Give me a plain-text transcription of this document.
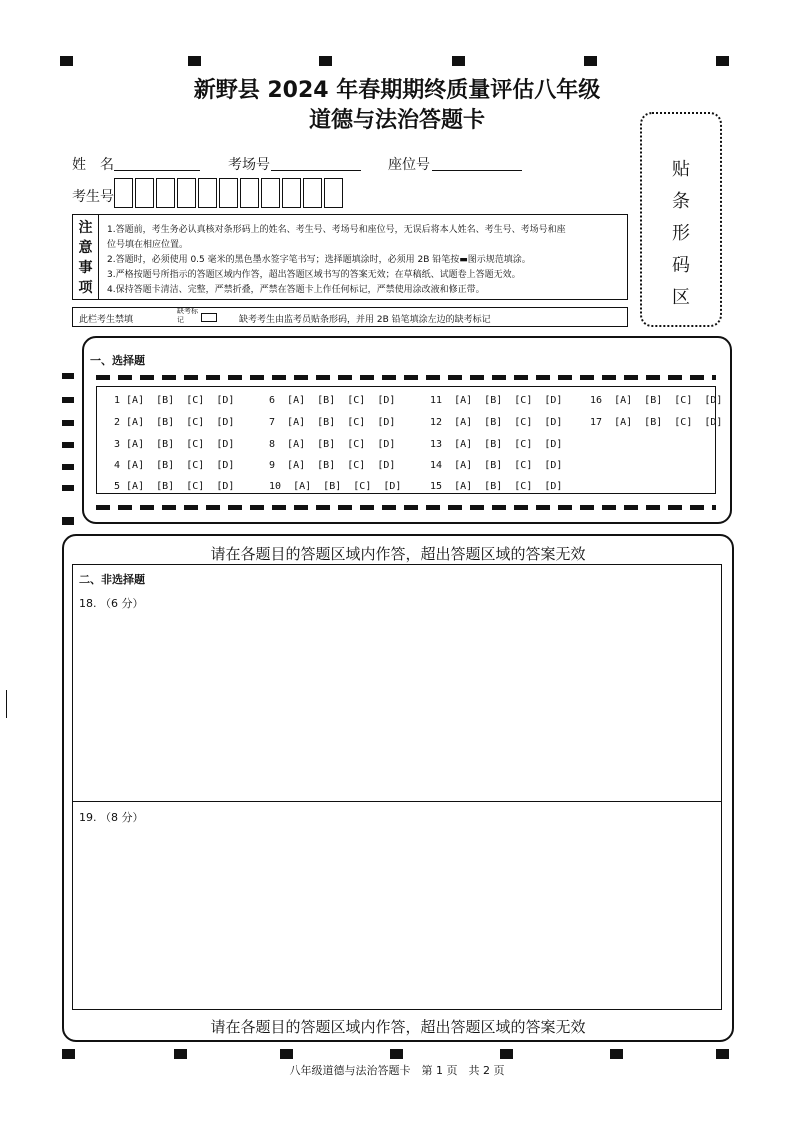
新野县 2024 年春期期终质量评估八年级
道德与法治答题卡
姓　名	考场号	座位号
考生号
贴
条
形
码
区
注
意
事
项
1.答题前，考生务必认真核对条形码上的姓名、考生号、考场号和座位号，无误后将本人姓名、考生号、考场号和座
位号填在相应位置。
2.答题时，必须使用 0.5 毫米的黑色墨水签字笔书写；选择题填涂时，必须用 2B 铅笔按▬图示规范填涂。
3.严格按题号所指示的答题区域内作答，超出答题区域书写的答案无效；在草稿纸、试题卷上答题无效。
4.保持答题卡清洁、完整，严禁折叠，严禁在答题卡上作任何标记，严禁使用涂改液和修正带。
此栏考生禁填
缺考标记	缺考考生由监考员贴条形码，并用 2B 铅笔填涂左边的缺考标记
一、选择题
1 [A]  [B]  [C]  [D]
2 [A]  [B]  [C]  [D]
3 [A]  [B]  [C]  [D]
4 [A]  [B]  [C]  [D]
5 [A]  [B]  [C]  [D]
6  [A]  [B]  [C]  [D]
7  [A]  [B]  [C]  [D]
8  [A]  [B]  [C]  [D]
9  [A]  [B]  [C]  [D]
10  [A]  [B]  [C]  [D]
11  [A]  [B]  [C]  [D]
12  [A]  [B]  [C]  [D]
13  [A]  [B]  [C]  [D]
14  [A]  [B]  [C]  [D]
15  [A]  [B]  [C]  [D]
16  [A]  [B]  [C]  [D]
17  [A]  [B]  [C]  [D]
请在各题目的答题区域内作答，超出答题区域的答案无效
请在各题目的答题区域内作答，超出答题区域的答案无效
二、非选择题
18. （6 分）
19. （8 分）
八年级道德与法治答题卡　第 1 页　共 2 页
